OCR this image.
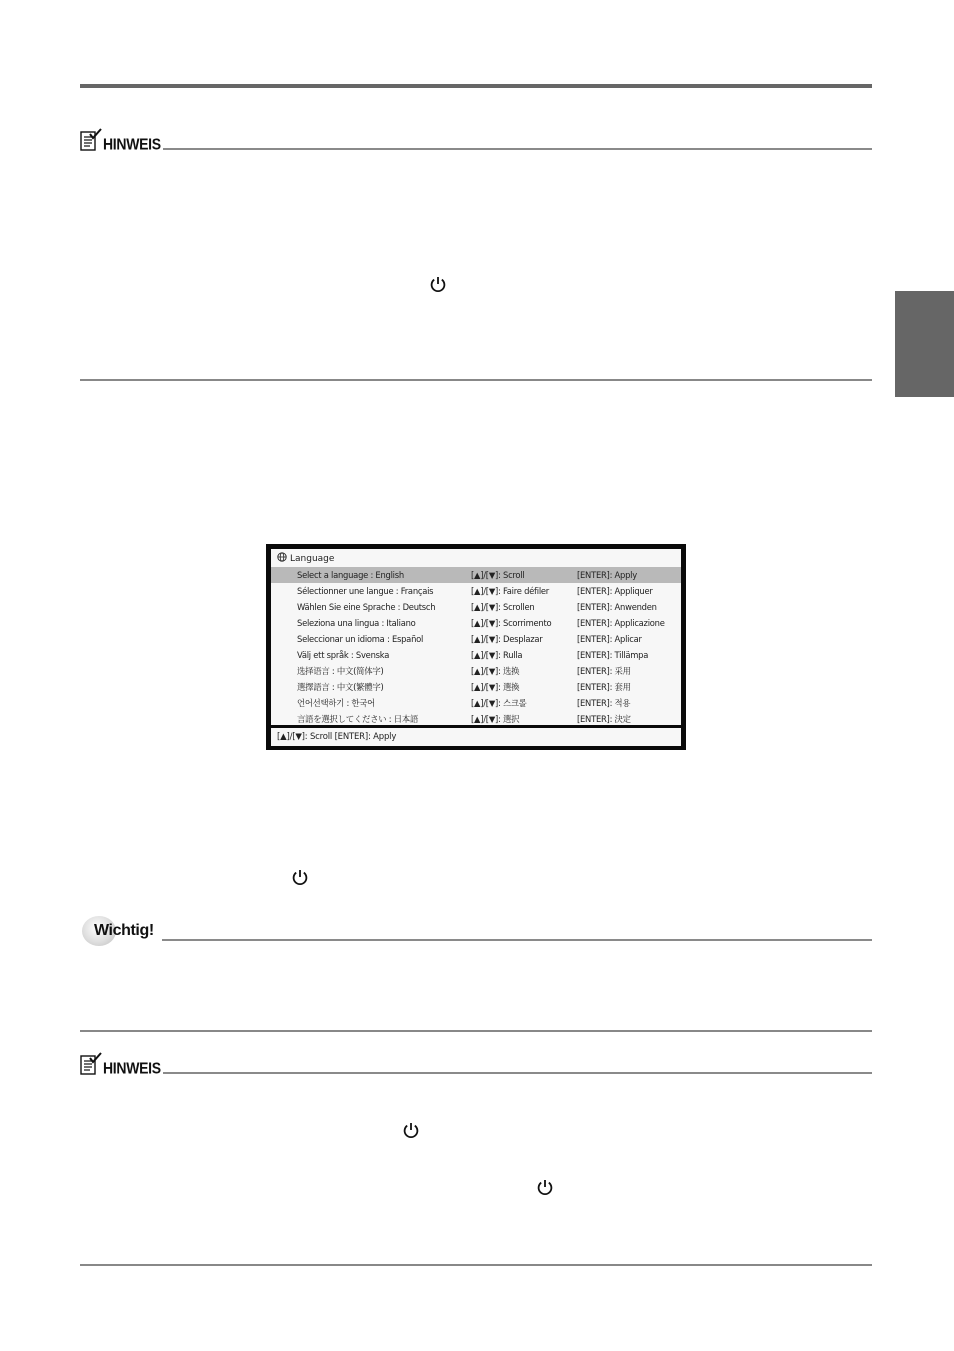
HINWEIS
Language
Select a language : English	[▲]/[▼]: Scroll	[ENTER]: Apply
Sélectionner une langue : Français	[▲]/[▼]: Faire défiler	[ENTER]: Appliquer
Wählen Sie eine Sprache : Deutsch	[▲]/[▼]: Scrollen	[ENTER]: Anwenden
Seleziona una lingua : Italiano	[▲]/[▼]: Scorrimento	[ENTER]: Applicazione
Seleccionar un idioma : Español	[▲]/[▼]: Desplazar	[ENTER]: Aplicar
Välj ett språk : Svenska	[▲]/[▼]: Rulla	[ENTER]: Tillämpa
选择语言 : 中文(简体字)	[▲]/[▼]: 选换	[ENTER]: 采用
選擇語言 : 中文(繁體字)	[▲]/[▼]: 選換	[ENTER]: 套用
언어선택하기 : 한국어	[▲]/[▼]: 스크롤	[ENTER]: 적용
言語を選択してください : 日本語	[▲]/[▼]: 選択	[ENTER]: 決定
[▲]/[▼]: Scroll [ENTER]: Apply
Wichtig!
HINWEIS
